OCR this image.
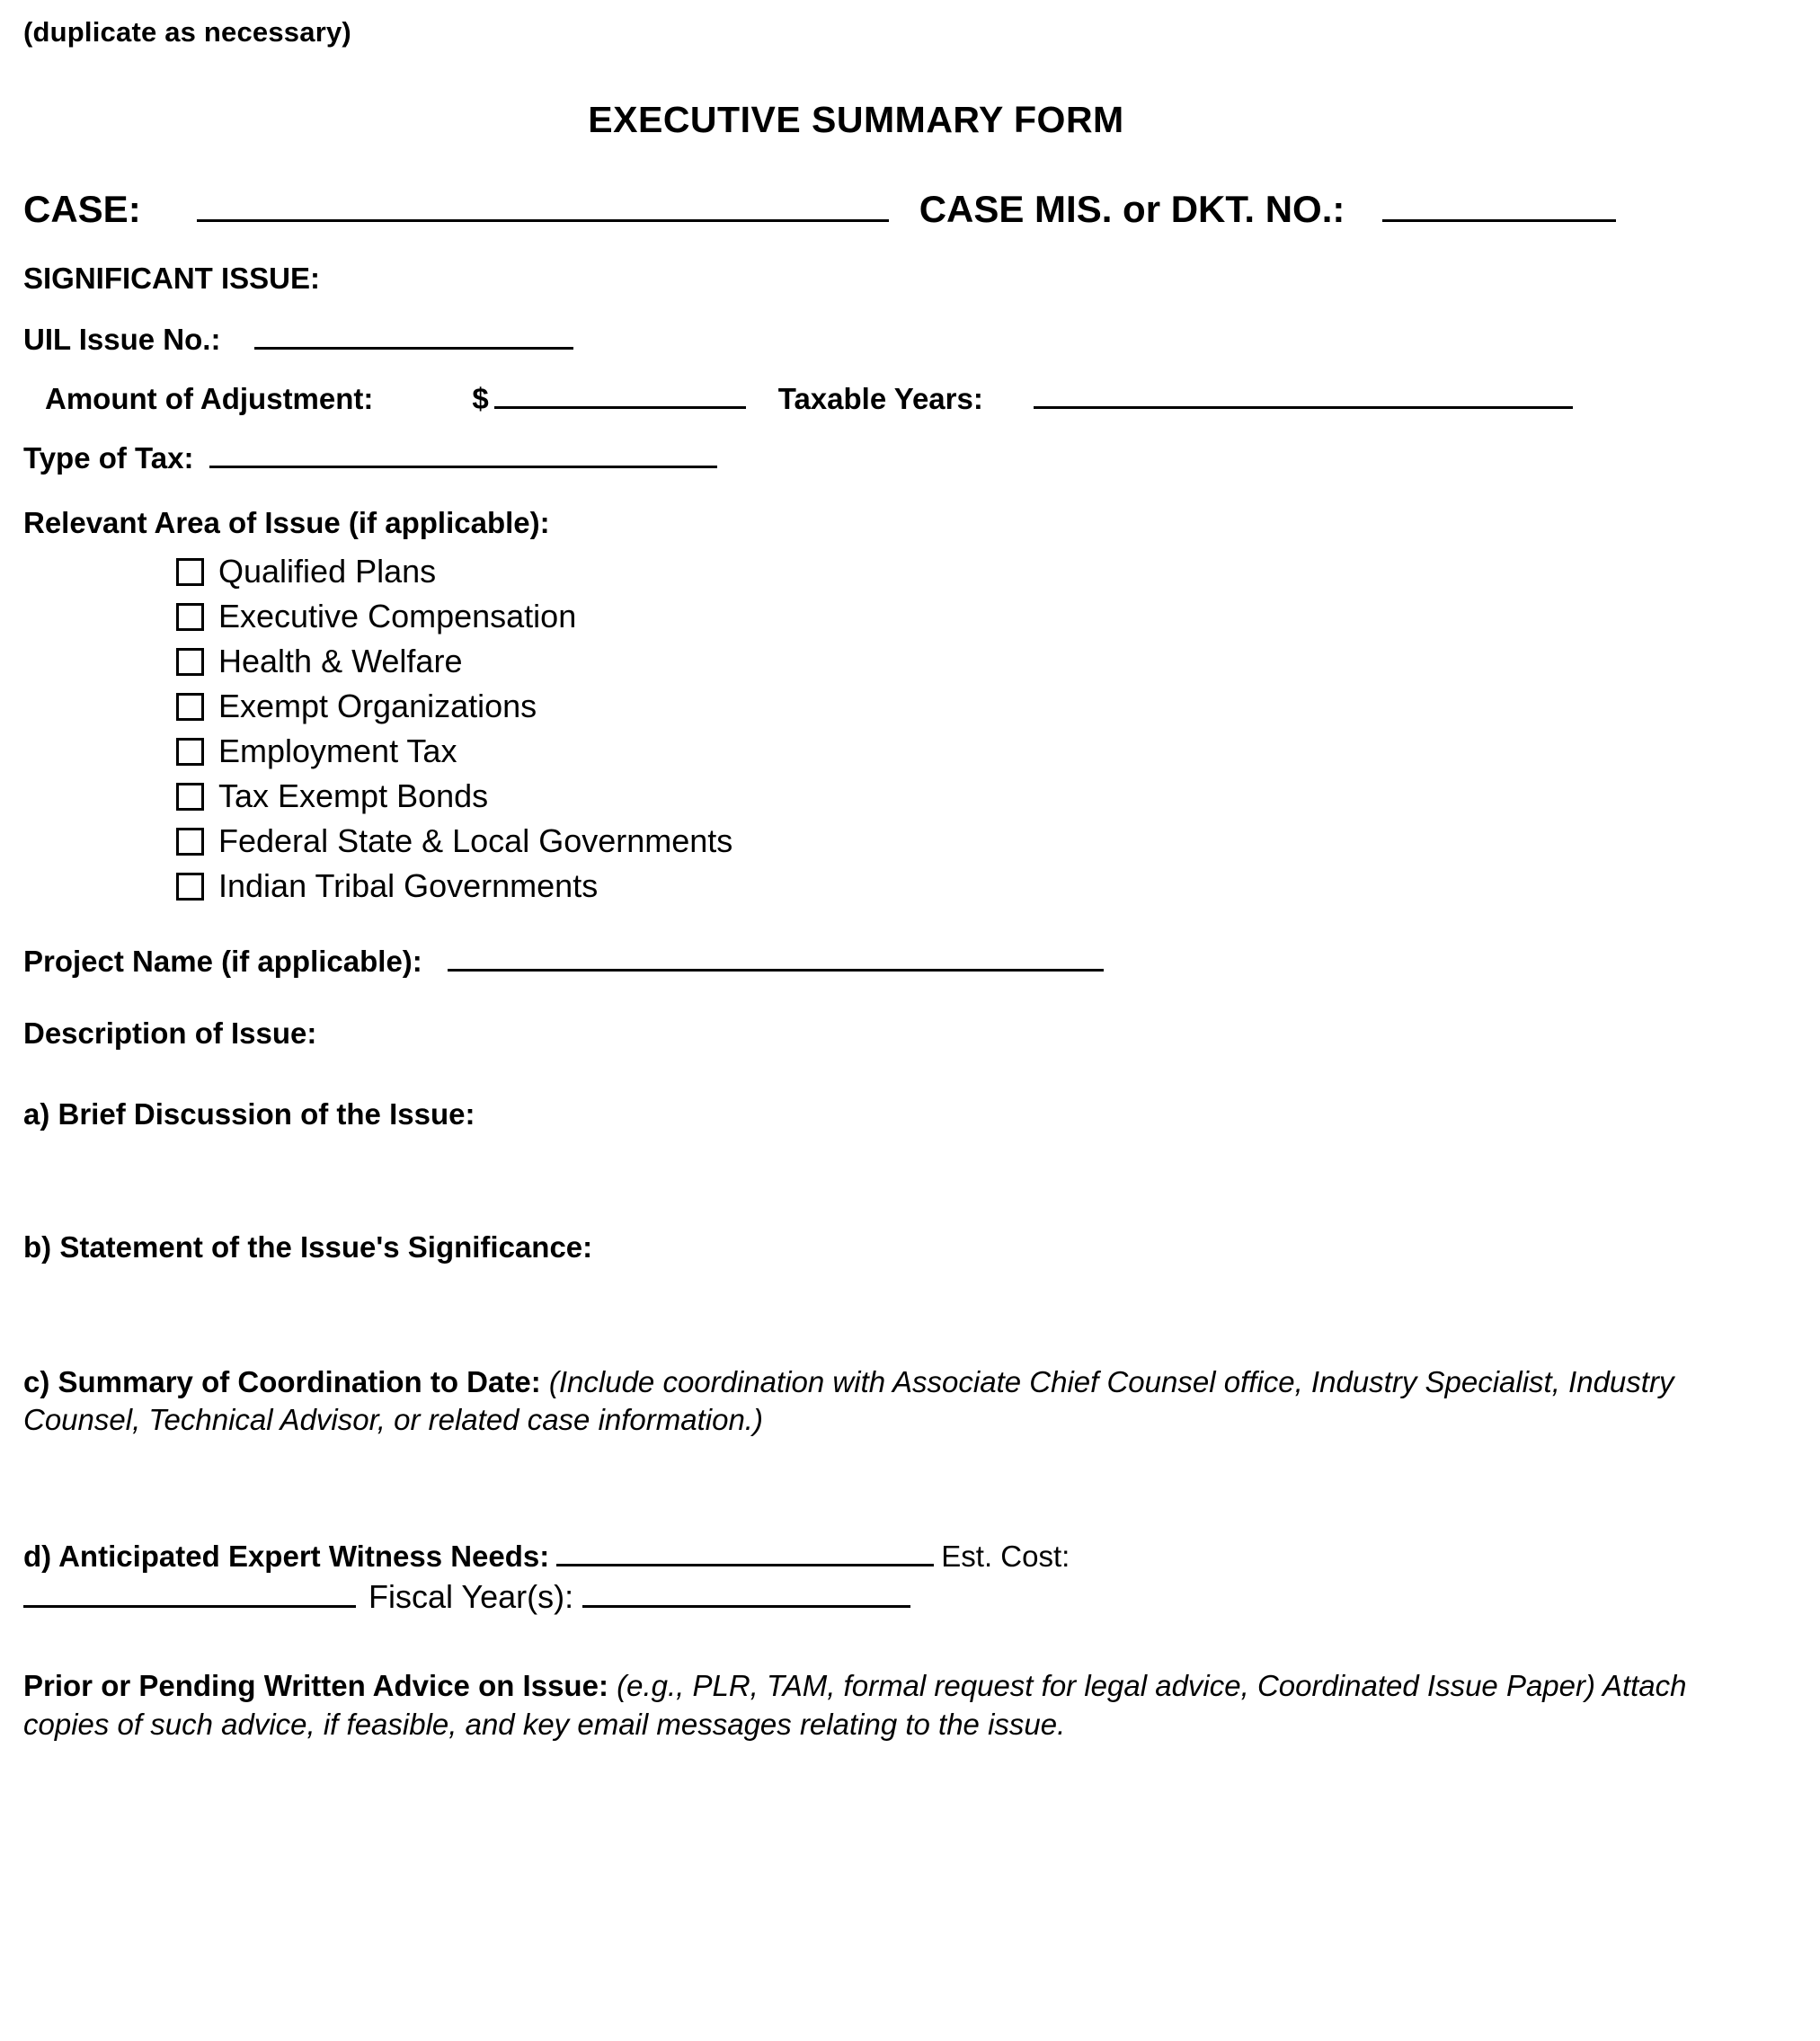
(duplicate as necessary)
EXECUTIVE SUMMARY FORM
CASE:	CASE MIS. or DKT. NO.:
SIGNIFICANT ISSUE:
UIL Issue No.:
Amount of Adjustment:	$	Taxable Years:
Type of Tax:
Relevant Area of Issue (if applicable):
Qualified Plans
Executive Compensation
Health & Welfare
Exempt Organizations
Employment Tax
Tax Exempt Bonds
Federal State & Local Governments
Indian Tribal Governments
Project Name (if applicable):
Description of Issue:
a) Brief Discussion of the Issue:
b) Statement of the Issue's Significance:
c) Summary of Coordination to Date: (Include coordination with Associate Chief Counsel office, Industry Specialist, Industry Counsel, Technical Advisor, or related case information.)
d) Anticipated Expert Witness Needs:	Est. Cost:
Fiscal Year(s):
Prior or Pending Written Advice on Issue: (e.g., PLR, TAM, formal request for legal advice, Coordinated Issue Paper) Attach copies of such advice, if feasible, and key email messages relating to the issue.
